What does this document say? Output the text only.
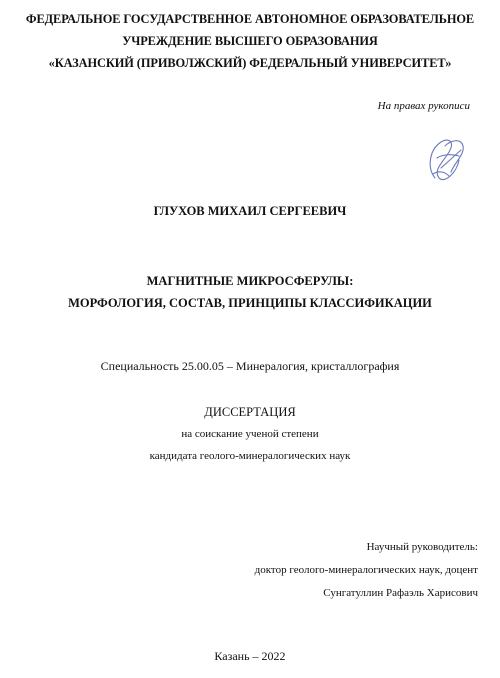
ФЕДЕРАЛЬНОЕ ГОСУДАРСТВЕННОЕ АВТОНОМНОЕ ОБРАЗОВАТЕЛЬНОЕ
УЧРЕЖДЕНИЕ ВЫСШЕГО ОБРАЗОВАНИЯ
«КАЗАНСКИЙ (ПРИВОЛЖСКИЙ) ФЕДЕРАЛЬНЫЙ УНИВЕРСИТЕТ»
На правах рукописи
ГЛУХОВ МИХАИЛ СЕРГЕЕВИЧ
МАГНИТНЫЕ МИКРОСФЕРУЛЫ:
МОРФОЛОГИЯ, СОСТАВ, ПРИНЦИПЫ КЛАССИФИКАЦИИ
Специальность 25.00.05 – Минералогия, кристаллография
ДИССЕРТАЦИЯ
на соискание ученой степени
кандидата геолого-минералогических наук
Научный руководитель:
доктор геолого-минералогических наук, доцент
Сунгатуллин Рафаэль Харисович
Казань – 2022
